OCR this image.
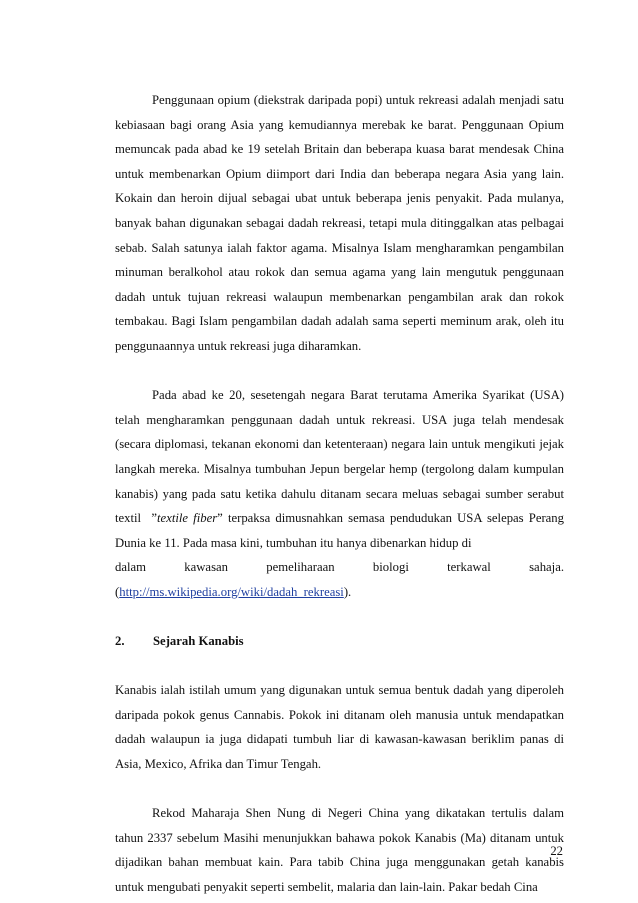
Penggunaan opium (diekstrak daripada popi) untuk rekreasi adalah menjadi satu kebiasaan bagi orang Asia yang kemudiannya merebak ke barat. Penggunaan Opium memuncak pada abad ke 19 setelah Britain dan beberapa kuasa barat mendesak China untuk membenarkan Opium diimport dari India dan beberapa negara Asia yang lain. Kokain dan heroin dijual sebagai ubat untuk beberapa jenis penyakit. Pada mulanya, banyak bahan digunakan sebagai dadah rekreasi, tetapi mula ditinggalkan atas pelbagai sebab. Salah satunya ialah faktor agama. Misalnya Islam mengharamkan pengambilan minuman beralkohol atau rokok dan semua agama yang lain mengutuk penggunaan dadah untuk tujuan rekreasi walaupun membenarkan pengambilan arak dan rokok tembakau. Bagi Islam pengambilan dadah adalah sama seperti meminum arak, oleh itu penggunaannya untuk rekreasi juga diharamkan.

Pada abad ke 20, sesetengah negara Barat terutama Amerika Syarikat (USA) telah mengharamkan penggunaan dadah untuk rekreasi. USA juga telah mendesak (secara diplomasi, tekanan ekonomi dan ketenteraan) negara lain untuk mengikuti jejak langkah mereka. Misalnya tumbuhan Jepun bergelar hemp (tergolong dalam kumpulan kanabis) yang pada satu ketika dahulu ditanam secara meluas sebagai sumber serabut textil  ”textile fiber” terpaksa dimusnahkan semasa pendudukan USA selepas Perang Dunia ke 11. Pada masa kini, tumbuhan itu hanya dibenarkan hidup di

dalam kawasan pemeliharaan biologi terkawal sahaja.

(http://ms.wikipedia.org/wiki/dadah_rekreasi).

2.	Sejarah Kanabis

Kanabis ialah istilah umum yang digunakan untuk semua bentuk dadah yang diperoleh daripada pokok genus Cannabis. Pokok ini ditanam oleh manusia untuk mendapatkan dadah walaupun ia juga didapati tumbuh liar di kawasan-kawasan beriklim panas di Asia, Mexico, Afrika dan Timur Tengah.

Rekod Maharaja Shen Nung di Negeri China yang dikatakan tertulis dalam tahun 2337 sebelum Masihi menunjukkan bahawa pokok Kanabis (Ma) ditanam untuk dijadikan bahan membuat kain. Para tabib China juga menggunakan getah kanabis untuk mengubati penyakit seperti sembelit, malaria dan lain-lain. Pakar bedah Cina

22
